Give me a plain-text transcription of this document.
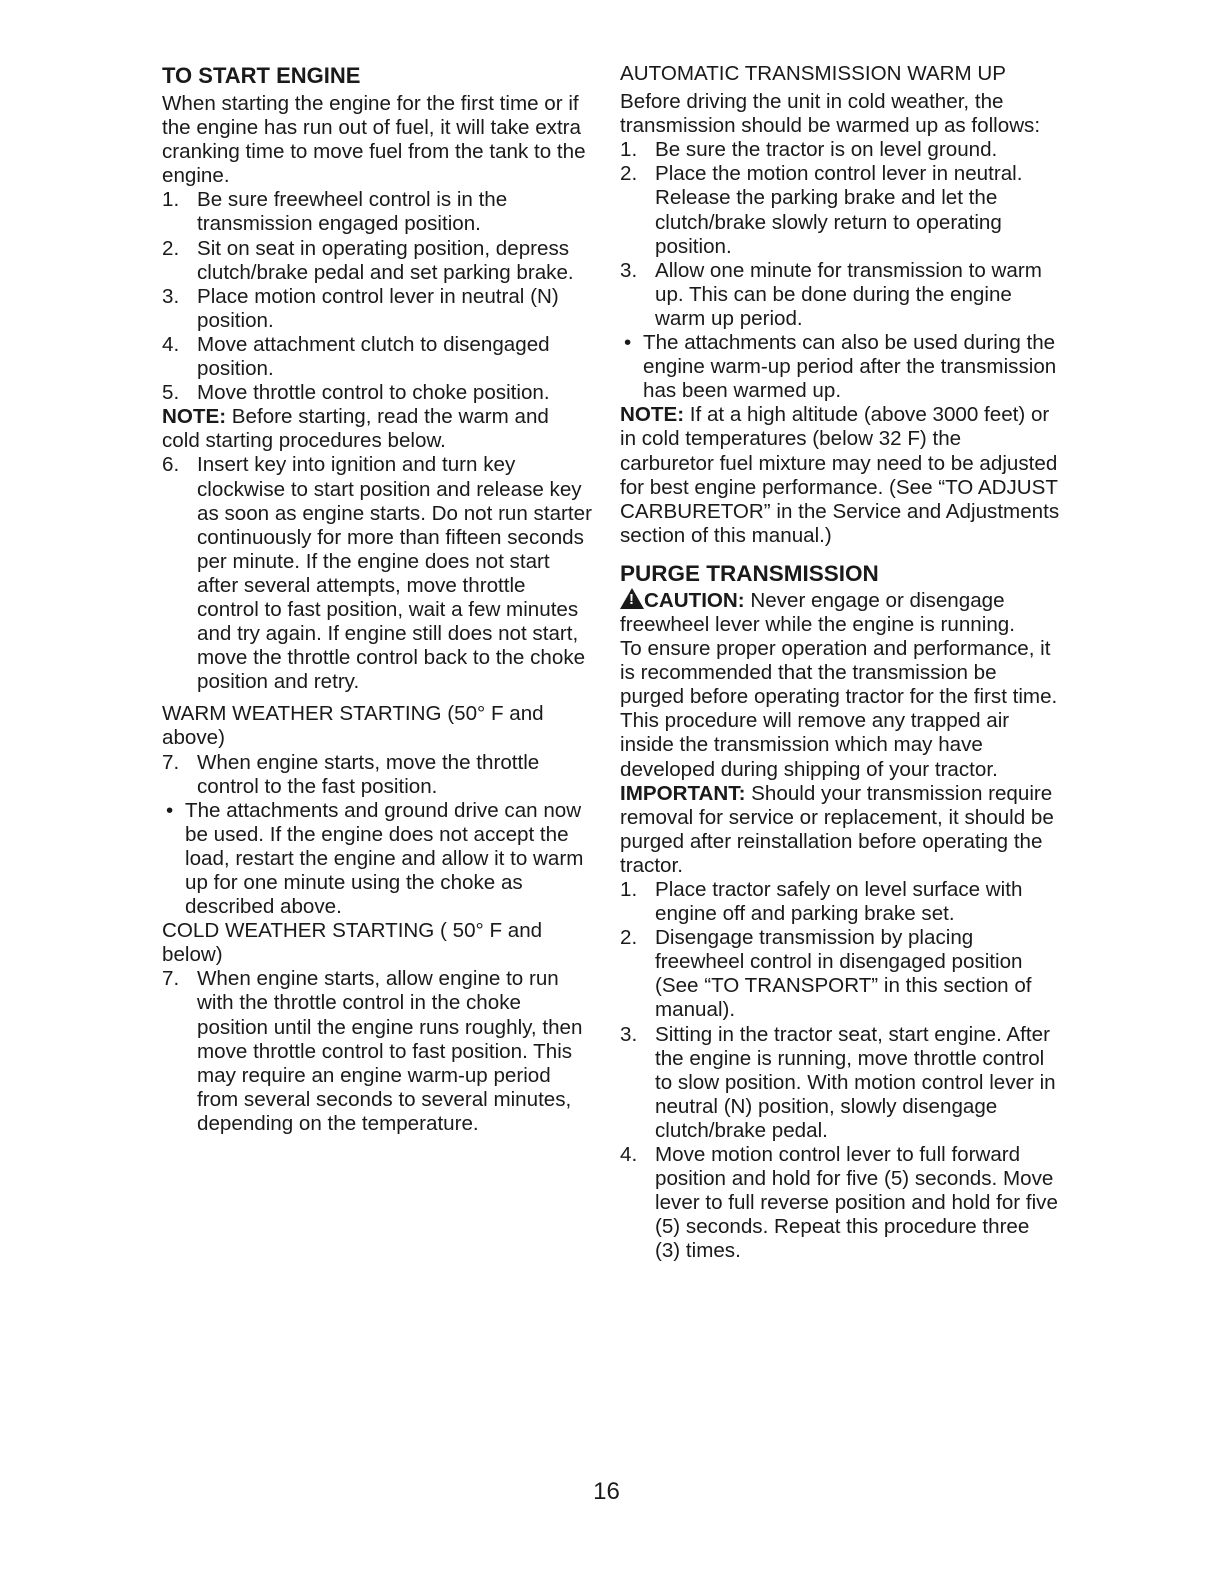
TO START ENGINE

When starting the engine for the first time or if the engine has run out of fuel, it will take extra cranking time to move fuel from the tank to the engine.

1. Be sure freewheel control is in the transmission engaged position.
2. Sit on seat in operating position, depress clutch/brake pedal and set parking brake.
3. Place motion control lever in neutral (N) position.
4. Move attachment clutch to disengaged position.
5. Move throttle control to choke position.

NOTE: Before starting, read the warm and cold starting procedures below.

6. Insert key into ignition and turn key clockwise to start position and release key as soon as engine starts. Do not run starter continuously for more than fifteen seconds per minute. If the engine does not start after several attempts, move throttle control to fast position, wait a few minutes and try again. If engine still does not start, move the throttle control back to the choke position and retry.

WARM WEATHER STARTING (50° F and above)

7. When engine starts, move the throttle control to the fast position.
• The attachments and ground drive can now be used. If the engine does not accept the load, restart the engine and allow it to warm up for one minute using the choke as described above.

COLD WEATHER STARTING ( 50° F and below)

7. When engine starts, allow engine to run with the throttle control in the choke position until the engine runs roughly, then move throttle control to fast position. This may require an engine warm-up period from several seconds to several minutes, depending on the temperature.

AUTOMATIC TRANSMISSION WARM UP

Before driving the unit in cold weather, the transmission should be warmed up as follows:

1. Be sure the tractor is on level ground.
2. Place the motion control lever in neutral. Release the parking brake and let the clutch/brake slowly return to operating position.
3. Allow one minute for transmission to warm up. This can be done during the engine warm up period.
• The attachments can also be used during the engine warm-up period after the transmission has been warmed up.

NOTE: If at a high altitude (above 3000 feet) or in cold temperatures (below 32 F) the carburetor fuel mixture may need to be adjusted for best engine performance. (See “TO ADJUST CARBURETOR” in the Service and Adjustments section of this manual.)

PURGE TRANSMISSION

!CAUTION: Never engage or disengage freewheel lever while the engine is running.

To ensure proper operation and performance, it is recommended that the transmission be purged before operating tractor for the first time. This procedure will remove any trapped air inside the transmission which may have developed during shipping of your tractor.

IMPORTANT: Should your transmission require removal for service or replacement, it should be purged after reinstallation before operating the tractor.

1. Place tractor safely on level surface with engine off and parking brake set.
2. Disengage transmission by placing freewheel control in disengaged position (See “TO TRANSPORT” in this section of manual).
3. Sitting in the tractor seat, start engine. After the engine is running, move throttle control to slow position. With motion control lever in neutral (N) position, slowly disengage clutch/brake pedal.
4. Move motion control lever to full forward position and hold for five (5) seconds. Move lever to full reverse position and hold for five (5) seconds. Repeat this procedure three (3) times.
16
